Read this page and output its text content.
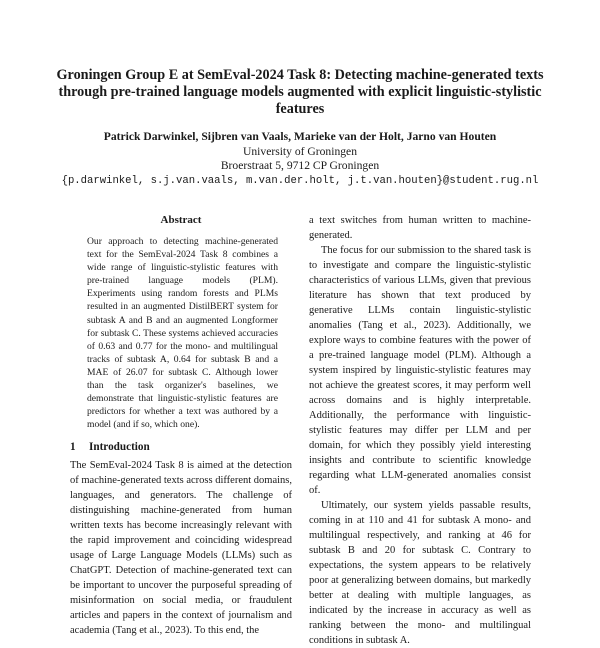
Groningen Group E at SemEval-2024 Task 8: Detecting machine-generated texts through pre-trained language models augmented with explicit linguistic-stylistic features
Patrick Darwinkel, Sijbren van Vaals, Marieke van der Holt, Jarno van Houten
University of Groningen
Broerstraat 5, 9712 CP Groningen
{p.darwinkel, s.j.van.vaals, m.van.der.holt, j.t.van.houten}@student.rug.nl
Abstract

Our approach to detecting machine-generated text for the SemEval-2024 Task 8 combines a wide range of linguistic-stylistic features with pre-trained language models (PLM). Experiments using random forests and PLMs resulted in an augmented DistilBERT system for subtask A and B and an augmented Longformer for subtask C. These systems achieved accuracies of 0.63 and 0.77 for the mono- and multilingual tracks of subtask A, 0.64 for subtask B and a MAE of 26.07 for subtask C. Although lower than the task organizer's baselines, we demonstrate that linguistic-stylistic features are predictors for whether a text was authored by a model (and if so, which one).

1 Introduction

The SemEval-2024 Task 8 is aimed at the detection of machine-generated texts across different domains, languages, and generators. The challenge of distinguishing machine-generated from human written texts has become increasingly relevant with the rapid improvement and coinciding widespread usage of Large Language Models (LLMs) such as ChatGPT. Detection of machine-generated text can be important to uncover the purposeful spreading of misinformation on social media, or fraudulent articles and papers in the context of journalism and academia (Tang et al., 2023). To this end, the

a text switches from human written to machine-generated.

The focus for our submission to the shared task is to investigate and compare the linguistic-stylistic characteristics of various LLMs, given that previous literature has shown that text produced by generative LLMs contain linguistic-stylistic anomalies (Tang et al., 2023). Additionally, we explore ways to combine features with the power of a pre-trained language model (PLM). Although a system inspired by linguistic-stylistic features may not achieve the greatest scores, it may perform well across domains and is highly interpretable. Additionally, the performance with linguistic-stylistic features may differ per LLM and per domain, for which they possibly yield interesting insights and contribute to scientific knowledge regarding what LLM-generated anomalies consist of.

Ultimately, our system yields passable results, coming in at 110 and 41 for subtask A mono- and multilingual respectively, and ranking at 46 for subtask B and 20 for subtask C. Contrary to expectations, the system appears to be relatively poor at generalizing between domains, but markedly better at dealing with multiple languages, as indicated by the increase in accuracy as well as ranking between the mono- and multilingual conditions in subtask A.
